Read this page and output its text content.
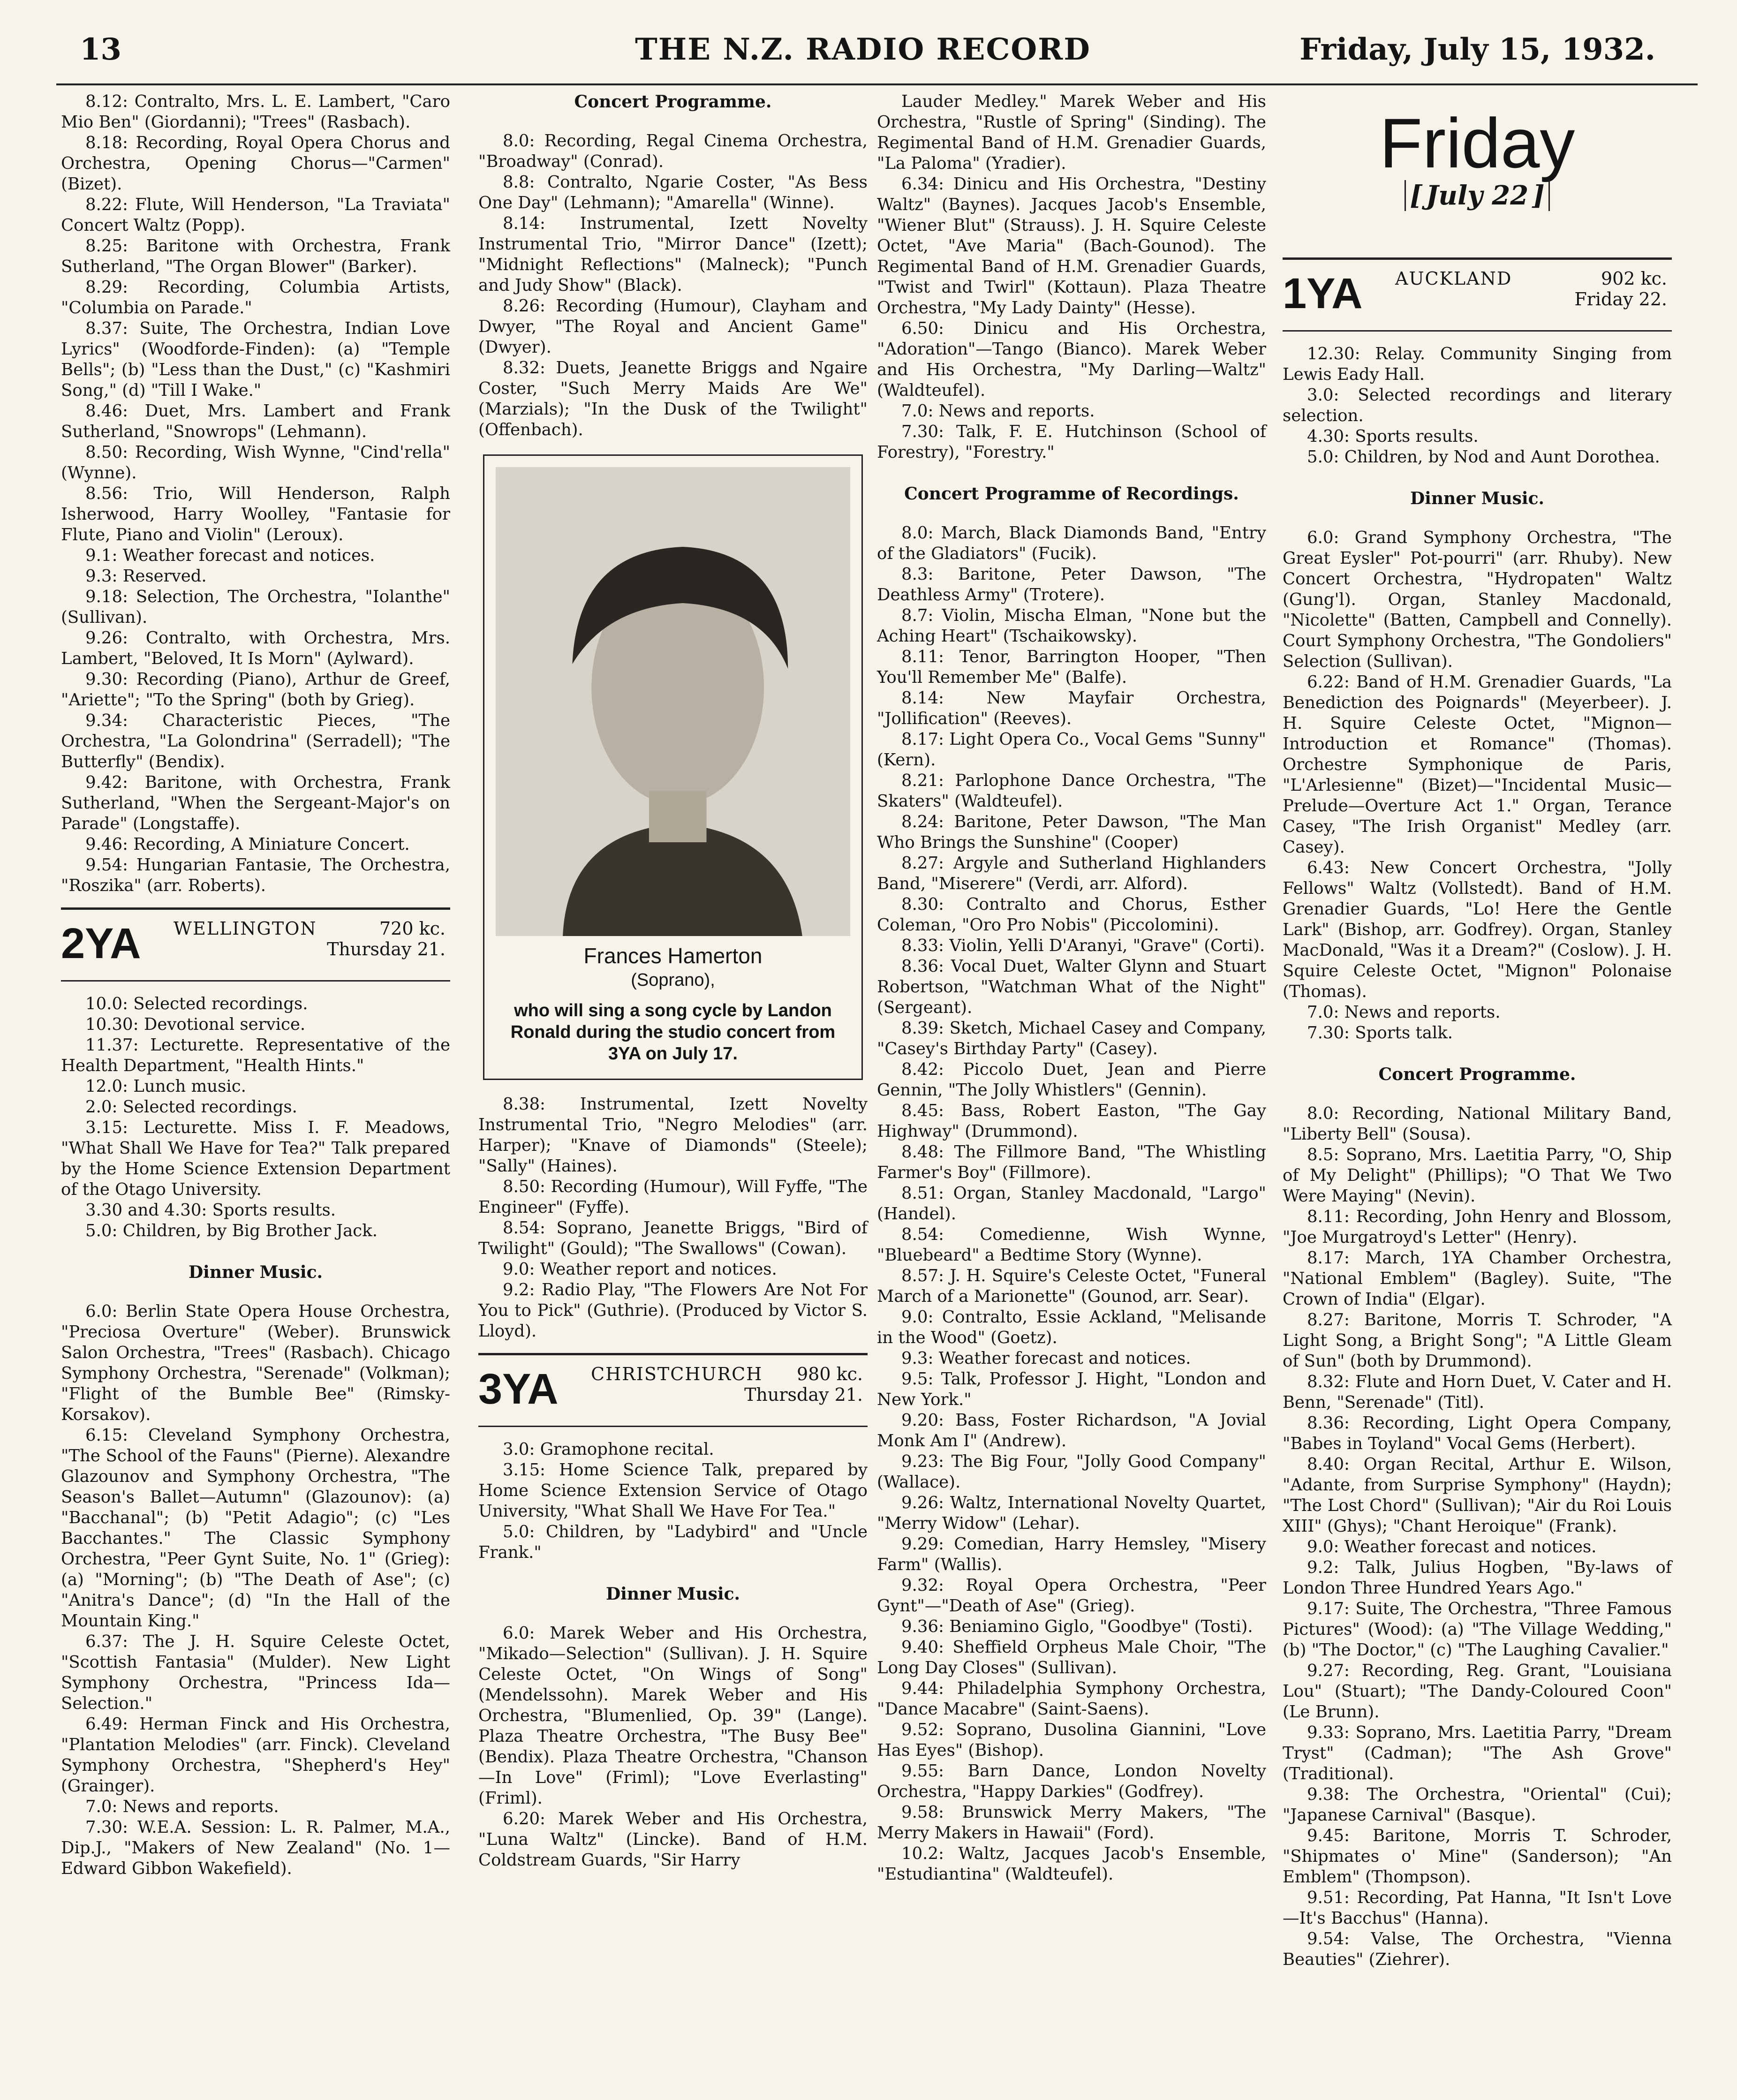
13	THE N.Z. RADIO RECORD	Friday, July 15, 1932.

8.12: Contralto, Mrs. L. E. Lambert, "Caro Mio Ben" (Giordanni); "Trees" (Rasbach).

8.18: Recording, Royal Opera Chorus and Orchestra, Opening Chorus—"Carmen" (Bizet).

8.22: Flute, Will Henderson, "La Traviata" Concert Waltz (Popp).

8.25: Baritone with Orchestra, Frank Sutherland, "The Organ Blower" (Barker).

8.29: Recording, Columbia Artists, "Columbia on Parade."

8.37: Suite, The Orchestra, Indian Love Lyrics" (Woodforde-Finden): (a) "Temple Bells"; (b) "Less than the Dust," (c) "Kashmiri Song," (d) "Till I Wake."

8.46: Duet, Mrs. Lambert and Frank Sutherland, "Snowrops" (Lehmann).

8.50: Recording, Wish Wynne, "Cind'rella" (Wynne).

8.56: Trio, Will Henderson, Ralph Isherwood, Harry Woolley, "Fantasie for Flute, Piano and Violin" (Leroux).

9.1: Weather forecast and notices.

9.3: Reserved.

9.18: Selection, The Orchestra, "Iolanthe" (Sullivan).

9.26: Contralto, with Orchestra, Mrs. Lambert, "Beloved, It Is Morn" (Aylward).

9.30: Recording (Piano), Arthur de Greef, "Ariette"; "To the Spring" (both by Grieg).

9.34: Characteristic Pieces, "The Orchestra, "La Golondrina" (Serradell); "The Butterfly" (Bendix).

9.42: Baritone, with Orchestra, Frank Sutherland, "When the Sergeant-Major's on Parade" (Longstaffe).

9.46: Recording, A Miniature Concert.

9.54: Hungarian Fantasie, The Orchestra, "Roszika" (arr. Roberts).

2YA WELLINGTON	720 kc.
Thursday 21.

10.0: Selected recordings.

10.30: Devotional service.

11.37: Lecturette. Representative of the Health Department, "Health Hints."

12.0: Lunch music.

2.0: Selected recordings.

3.15: Lecturette. Miss I. F. Meadows, "What Shall We Have for Tea?" Talk prepared by the Home Science Extension Department of the Otago University.

3.30 and 4.30: Sports results.

5.0: Children, by Big Brother Jack.

Dinner Music.

6.0: Berlin State Opera House Orchestra, "Preciosa Overture" (Weber). Brunswick Salon Orchestra, "Trees" (Rasbach). Chicago Symphony Orchestra, "Serenade" (Volkman); "Flight of the Bumble Bee" (Rimsky-Korsakov).

6.15: Cleveland Symphony Orchestra, "The School of the Fauns" (Pierne). Alexandre Glazounov and Symphony Orchestra, "The Season's Ballet—Autumn" (Glazounov): (a) "Bacchanal"; (b) "Petit Adagio"; (c) "Les Bacchantes." The Classic Symphony Orchestra, "Peer Gynt Suite, No. 1" (Grieg): (a) "Morning"; (b) "The Death of Ase"; (c) "Anitra's Dance"; (d) "In the Hall of the Mountain King."

6.37: The J. H. Squire Celeste Octet, "Scottish Fantasia" (Mulder). New Light Symphony Orchestra, "Princess Ida—Selection."

6.49: Herman Finck and His Orchestra, "Plantation Melodies" (arr. Finck). Cleveland Symphony Orchestra, "Shepherd's Hey" (Grainger).

7.0: News and reports.

7.30: W.E.A. Session: L. R. Palmer, M.A., Dip.J., "Makers of New Zealand" (No. 1—Edward Gibbon Wakefield).

Concert Programme.

8.0: Recording, Regal Cinema Orchestra, "Broadway" (Conrad).

8.8: Contralto, Ngarie Coster, "As Bess One Day" (Lehmann); "Amarella" (Winne).

8.14: Instrumental, Izett Novelty Instrumental Trio, "Mirror Dance" (Izett); "Midnight Reflections" (Malneck); "Punch and Judy Show" (Black).

8.26: Recording (Humour), Clayham and Dwyer, "The Royal and Ancient Game" (Dwyer).

8.32: Duets, Jeanette Briggs and Ngaire Coster, "Such Merry Maids Are We" (Marzials); "In the Dusk of the Twilight" (Offenbach).

Frances Hamerton
(Soprano),
who will sing a song cycle by Landon Ronald during the studio concert from 3YA on July 17.

8.38: Instrumental, Izett Novelty Instrumental Trio, "Negro Melodies" (arr. Harper); "Knave of Diamonds" (Steele); "Sally" (Haines).

8.50: Recording (Humour), Will Fyffe, "The Engineer" (Fyffe).

8.54: Soprano, Jeanette Briggs, "Bird of Twilight" (Gould); "The Swallows" (Cowan).

9.0: Weather report and notices.

9.2: Radio Play, "The Flowers Are Not For You to Pick" (Guthrie). (Produced by Victor S. Lloyd).

3YA CHRISTCHURCH 980 kc.
Thursday 21.

3.0: Gramophone recital.

3.15: Home Science Talk, prepared by Home Science Extension Service of Otago University, "What Shall We Have For Tea."

5.0: Children, by "Ladybird" and "Uncle Frank."

Dinner Music.

6.0: Marek Weber and His Orchestra, "Mikado—Selection" (Sullivan). J. H. Squire Celeste Octet, "On Wings of Song" (Mendelssohn). Marek Weber and His Orchestra, "Blumenlied, Op. 39" (Lange). Plaza Theatre Orchestra, "The Busy Bee" (Bendix). Plaza Theatre Orchestra, "Chanson—In Love" (Friml); "Love Everlasting" (Friml).

6.20: Marek Weber and His Orchestra, "Luna Waltz" (Lincke). Band of H.M. Coldstream Guards, "Sir Harry

Lauder Medley." Marek Weber and His Orchestra, "Rustle of Spring" (Sinding). The Regimental Band of H.M. Grenadier Guards, "La Paloma" (Yradier).

6.34: Dinicu and His Orchestra, "Destiny Waltz" (Baynes). Jacques Jacob's Ensemble, "Wiener Blut" (Strauss). J. H. Squire Celeste Octet, "Ave Maria" (Bach-Gounod). The Regimental Band of H.M. Grenadier Guards, "Twist and Twirl" (Kottaun). Plaza Theatre Orchestra, "My Lady Dainty" (Hesse).

6.50: Dinicu and His Orchestra, "Adoration"—Tango (Bianco). Marek Weber and His Orchestra, "My Darling—Waltz" (Waldteufel).

7.0: News and reports.

7.30: Talk, F. E. Hutchinson (School of Forestry), "Forestry."

Concert Programme of Recordings.

8.0: March, Black Diamonds Band, "Entry of the Gladiators" (Fucik).

8.3: Baritone, Peter Dawson, "The Deathless Army" (Trotere).

8.7: Violin, Mischa Elman, "None but the Aching Heart" (Tschaikowsky).

8.11: Tenor, Barrington Hooper, "Then You'll Remember Me" (Balfe).

8.14: New Mayfair Orchestra, "Jollification" (Reeves).

8.17: Light Opera Co., Vocal Gems "Sunny" (Kern).

8.21: Parlophone Dance Orchestra, "The Skaters" (Waldteufel).

8.24: Baritone, Peter Dawson, "The Man Who Brings the Sunshine" (Cooper)

8.27: Argyle and Sutherland Highlanders Band, "Miserere" (Verdi, arr. Alford).

8.30: Contralto and Chorus, Esther Coleman, "Oro Pro Nobis" (Piccolomini).

8.33: Violin, Yelli D'Aranyi, "Grave" (Corti).

8.36: Vocal Duet, Walter Glynn and Stuart Robertson, "Watchman What of the Night" (Sergeant).

8.39: Sketch, Michael Casey and Company, "Casey's Birthday Party" (Casey).

8.42: Piccolo Duet, Jean and Pierre Gennin, "The Jolly Whistlers" (Gennin).

8.45: Bass, Robert Easton, "The Gay Highway" (Drummond).

8.48: The Fillmore Band, "The Whistling Farmer's Boy" (Fillmore).

8.51: Organ, Stanley Macdonald, "Largo" (Handel).

8.54: Comedienne, Wish Wynne, "Bluebeard" a Bedtime Story (Wynne).

8.57: J. H. Squire's Celeste Octet, "Funeral March of a Marionette" (Gounod, arr. Sear).

9.0: Contralto, Essie Ackland, "Melisande in the Wood" (Goetz).

9.3: Weather forecast and notices.

9.5: Talk, Professor J. Hight, "London and New York."

9.20: Bass, Foster Richardson, "A Jovial Monk Am I" (Andrew).

9.23: The Big Four, "Jolly Good Company" (Wallace).

9.26: Waltz, International Novelty Quartet, "Merry Widow" (Lehar).

9.29: Comedian, Harry Hemsley, "Misery Farm" (Wallis).

9.32: Royal Opera Orchestra, "Peer Gynt"—"Death of Ase" (Grieg).

9.36: Beniamino Giglo, "Goodbye" (Tosti).

9.40: Sheffield Orpheus Male Choir, "The Long Day Closes" (Sullivan).

9.44: Philadelphia Symphony Orchestra, "Dance Macabre" (Saint-Saens).

9.52: Soprano, Dusolina Giannini, "Love Has Eyes" (Bishop).

9.55: Barn Dance, London Novelty Orchestra, "Happy Darkies" (Godfrey).

9.58: Brunswick Merry Makers, "The Merry Makers in Hawaii" (Ford).

10.2: Waltz, Jacques Jacob's Ensemble, "Estudiantina" (Waldteufel).

Friday
[ July 22 ]
1YA AUCKLAND	902 kc.
Friday 22.

12.30: Relay. Community Singing from Lewis Eady Hall.

3.0: Selected recordings and literary selection.

4.30: Sports results.

5.0: Children, by Nod and Aunt Dorothea.

Dinner Music.

6.0: Grand Symphony Orchestra, "The Great Eysler" Pot-pourri" (arr. Rhuby). New Concert Orchestra, "Hydropaten" Waltz (Gung'l). Organ, Stanley Macdonald, "Nicolette" (Batten, Campbell and Connelly). Court Symphony Orchestra, "The Gondoliers" Selection (Sullivan).

6.22: Band of H.M. Grenadier Guards, "La Benediction des Poignards" (Meyerbeer). J. H. Squire Celeste Octet, "Mignon—Introduction et Romance" (Thomas). Orchestre Symphonique de Paris, "L'Arlesienne" (Bizet)—"Incidental Music—Prelude—Overture Act 1." Organ, Terance Casey, "The Irish Organist" Medley (arr. Casey).

6.43: New Concert Orchestra, "Jolly Fellows" Waltz (Vollstedt). Band of H.M. Grenadier Guards, "Lo! Here the Gentle Lark" (Bishop, arr. Godfrey). Organ, Stanley MacDonald, "Was it a Dream?" (Coslow). J. H. Squire Celeste Octet, "Mignon" Polonaise (Thomas).

7.0: News and reports.

7.30: Sports talk.

Concert Programme.

8.0: Recording, National Military Band, "Liberty Bell" (Sousa).

8.5: Soprano, Mrs. Laetitia Parry, "O, Ship of My Delight" (Phillips); "O That We Two Were Maying" (Nevin).

8.11: Recording, John Henry and Blossom, "Joe Murgatroyd's Letter" (Henry).

8.17: March, 1YA Chamber Orchestra, "National Emblem" (Bagley). Suite, "The Crown of India" (Elgar).

8.27: Baritone, Morris T. Schroder, "A Light Song, a Bright Song"; "A Little Gleam of Sun" (both by Drummond).

8.32: Flute and Horn Duet, V. Cater and H. Benn, "Serenade" (Titl).

8.36: Recording, Light Opera Company, "Babes in Toyland" Vocal Gems (Herbert).

8.40: Organ Recital, Arthur E. Wilson, "Adante, from Surprise Symphony" (Haydn); "The Lost Chord" (Sullivan); "Air du Roi Louis XIII" (Ghys); "Chant Heroique" (Frank).

9.0: Weather forecast and notices.

9.2: Talk, Julius Hogben, "By-laws of London Three Hundred Years Ago."

9.17: Suite, The Orchestra, "Three Famous Pictures" (Wood): (a) "The Village Wedding," (b) "The Doctor," (c) "The Laughing Cavalier."

9.27: Recording, Reg. Grant, "Louisiana Lou" (Stuart); "The Dandy-Coloured Coon" (Le Brunn).

9.33: Soprano, Mrs. Laetitia Parry, "Dream Tryst" (Cadman); "The Ash Grove" (Traditional).

9.38: The Orchestra, "Oriental" (Cui); "Japanese Carnival" (Basque).

9.45: Baritone, Morris T. Schroder, "Shipmates o' Mine" (Sanderson); "An Emblem" (Thompson).

9.51: Recording, Pat Hanna, "It Isn't Love—It's Bacchus" (Hanna).

9.54: Valse, The Orchestra, "Vienna Beauties" (Ziehrer).
